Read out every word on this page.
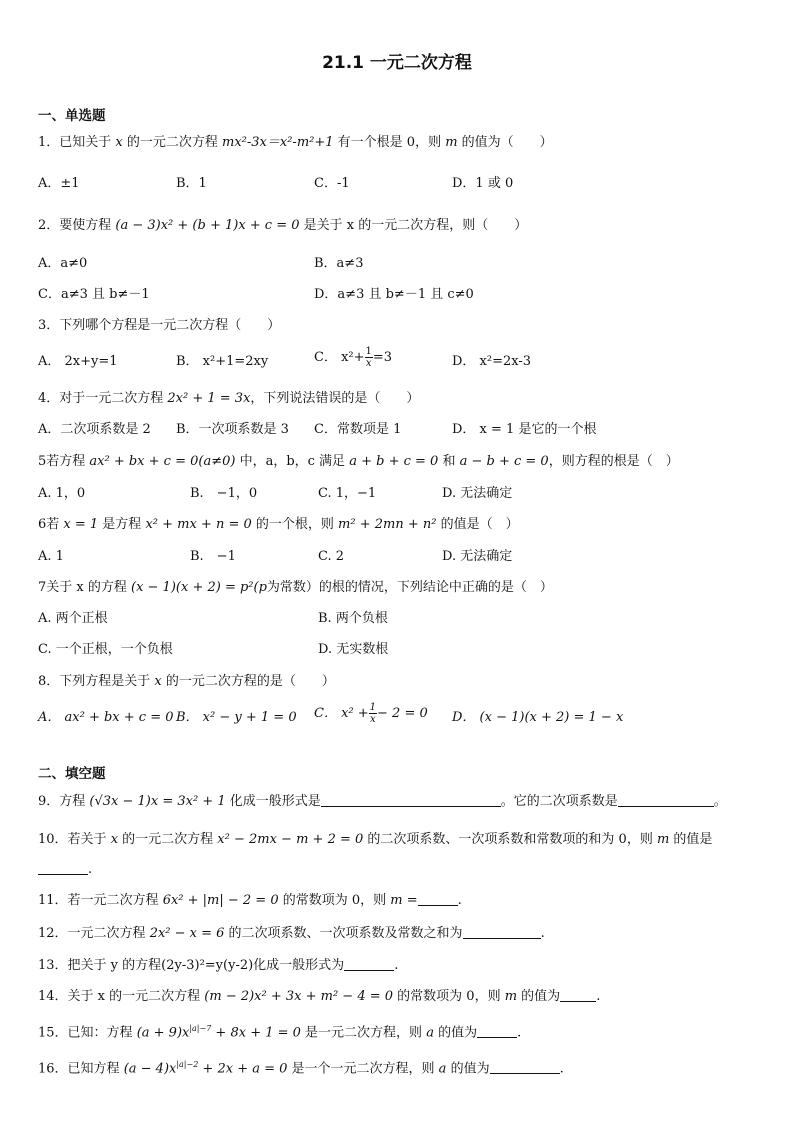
21.1 一元二次方程
一、单选题
1．已知关于 x 的一元二次方程 mx²-3x＝x²-m²+1 有一个根是 0，则 m 的值为（　　）
A．±1	B．1	C．-1	D．1 或 0
2．要使方程 (a − 3)x² + (b + 1)x + c = 0 是关于 x 的一元二次方程，则（　　）
A．a≠0	B．a≠3
C．a≠3 且 b≠－1	D．a≠3 且 b≠－1 且 c≠0
3．下列哪个方程是一元二次方程（　　）
A． 2x+y=1	B． x²+1=2xy	C． $x^2+ \frac{1}{x} =3$	D． x²=2x-3
4．对于一元二次方程 2x² + 1 = 3x，下列说法错误的是（　　）
A．二次项系数是 2 B．一次项系数是 3 C．常数项是 1	D． x = 1 是它的一个根
5若方程 ax² + bx + c = 0(a≠0) 中，a，b，c 满足 a + b + c = 0 和 a − b + c = 0，则方程的根是（　）
A. 1，0	B.　−1，0	C. 1，−1	D. 无法确定
6若 x = 1 是方程 x² + mx + n = 0 的一个根，则 m² + 2mn + n² 的值是（　）
A. 1	B.　−1	C. 2	D. 无法确定
7关于 x 的方程 (x − 1)(x + 2) = p²(p为常数）的根的情况，下列结论中正确的是（　）
A. 两个正根	B. 两个负根
C. 一个正根，一个负根	D. 无实数根
8．下列方程是关于 x 的一元二次方程的是（　　）
A． ax² + bx + c = 0 B． x² − y + 1 = 0 C． $x^2 + \frac{1}{x} - 2 = 0$ D． (x − 1)(x + 2) = 1 − x
二、填空题
9．方程 (√3x − 1)x = 3x² + 1 化成一般形式是	。它的二次项系数是	。
10．若关于 x 的一元二次方程 x² − 2mx − m + 2 = 0 的二次项系数、一次项系数和常数项的和为 0，则 m 的值是
.
11．若一元二次方程 6x² + |m| − 2 = 0 的常数项为 0，则 m =	.
12．一元二次方程 2x² − x = 6 的二次项系数、一次项系数及常数之和为	.
13．把关于 y 的方程(2y-3)²=y(y-2)化成一般形式为	.
14．关于 x 的一元二次方程 (m − 2)x² + 3x + m² − 4 = 0 的常数项为 0，则 m 的值为	.
15．已知：方程 $(a + 9)x^{|a|-7} + 8x + 1 = 0$ 是一元二次方程，则 a 的值为	.
16．已知方程 $(a - 4)x^{|a|-2} + 2x + a = 0$ 是一个一元二次方程，则 a 的值为	.
